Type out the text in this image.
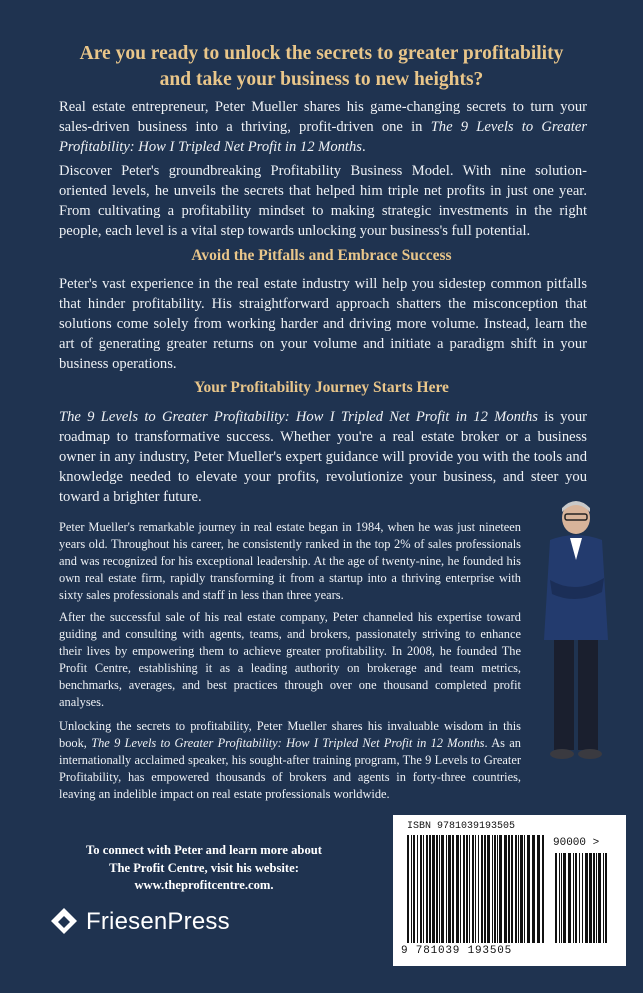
Are you ready to unlock the secrets to greater profitability
and take your business to new heights?

Real estate entrepreneur, Peter Mueller shares his game-changing secrets to turn your sales-driven business into a thriving, profit-driven one in The 9 Levels to Greater Profitability: How I Tripled Net Profit in 12 Months.

Discover Peter's groundbreaking Profitability Business Model. With nine solution-oriented levels, he unveils the secrets that helped him triple net profits in just one year. From cultivating a profitability mindset to making strategic investments in the right people, each level is a vital step towards unlocking your business's full potential.

Avoid the Pitfalls and Embrace Success

Peter's vast experience in the real estate industry will help you sidestep common pitfalls that hinder profitability. His straightforward approach shatters the misconception that solutions come solely from working harder and driving more volume. Instead, learn the art of generating greater returns on your volume and initiate a paradigm shift in your business operations.

Your Profitability Journey Starts Here

The 9 Levels to Greater Profitability: How I Tripled Net Profit in 12 Months is your roadmap to transformative success. Whether you're a real estate broker or a business owner in any industry, Peter Mueller's expert guidance will provide you with the tools and knowledge needed to elevate your profits, revolutionize your business, and steer you toward a brighter future.

Peter Mueller's remarkable journey in real estate began in 1984, when he was just nineteen years old. Throughout his career, he consistently ranked in the top 2% of sales professionals and was recognized for his exceptional leadership. At the age of twenty-nine, he founded his own real estate firm, rapidly transforming it from a startup into a thriving enterprise with sixty sales professionals and staff in less than three years.

After the successful sale of his real estate company, Peter channeled his expertise toward guiding and consulting with agents, teams, and brokers, passionately striving to enhance their lives by empowering them to achieve greater profitability. In 2008, he founded The Profit Centre, establishing it as a leading authority on brokerage and team metrics, benchmarks, averages, and best practices through over one thousand completed profit analyses.

Unlocking the secrets to profitability, Peter Mueller shares his invaluable wisdom in this book, The 9 Levels to Greater Profitability: How I Tripled Net Profit in 12 Months. As an internationally acclaimed speaker, his sought-after training program, The 9 Levels to Greater Profitability, has empowered thousands of brokers and agents in forty-three countries, leaving an indelible impact on real estate professionals worldwide.

To connect with Peter and learn more about
The Profit Centre, visit his website:
www.theprofitcentre.com.
FriesenPress
ISBN 9781039193505
90000 >
9 781039 193505
